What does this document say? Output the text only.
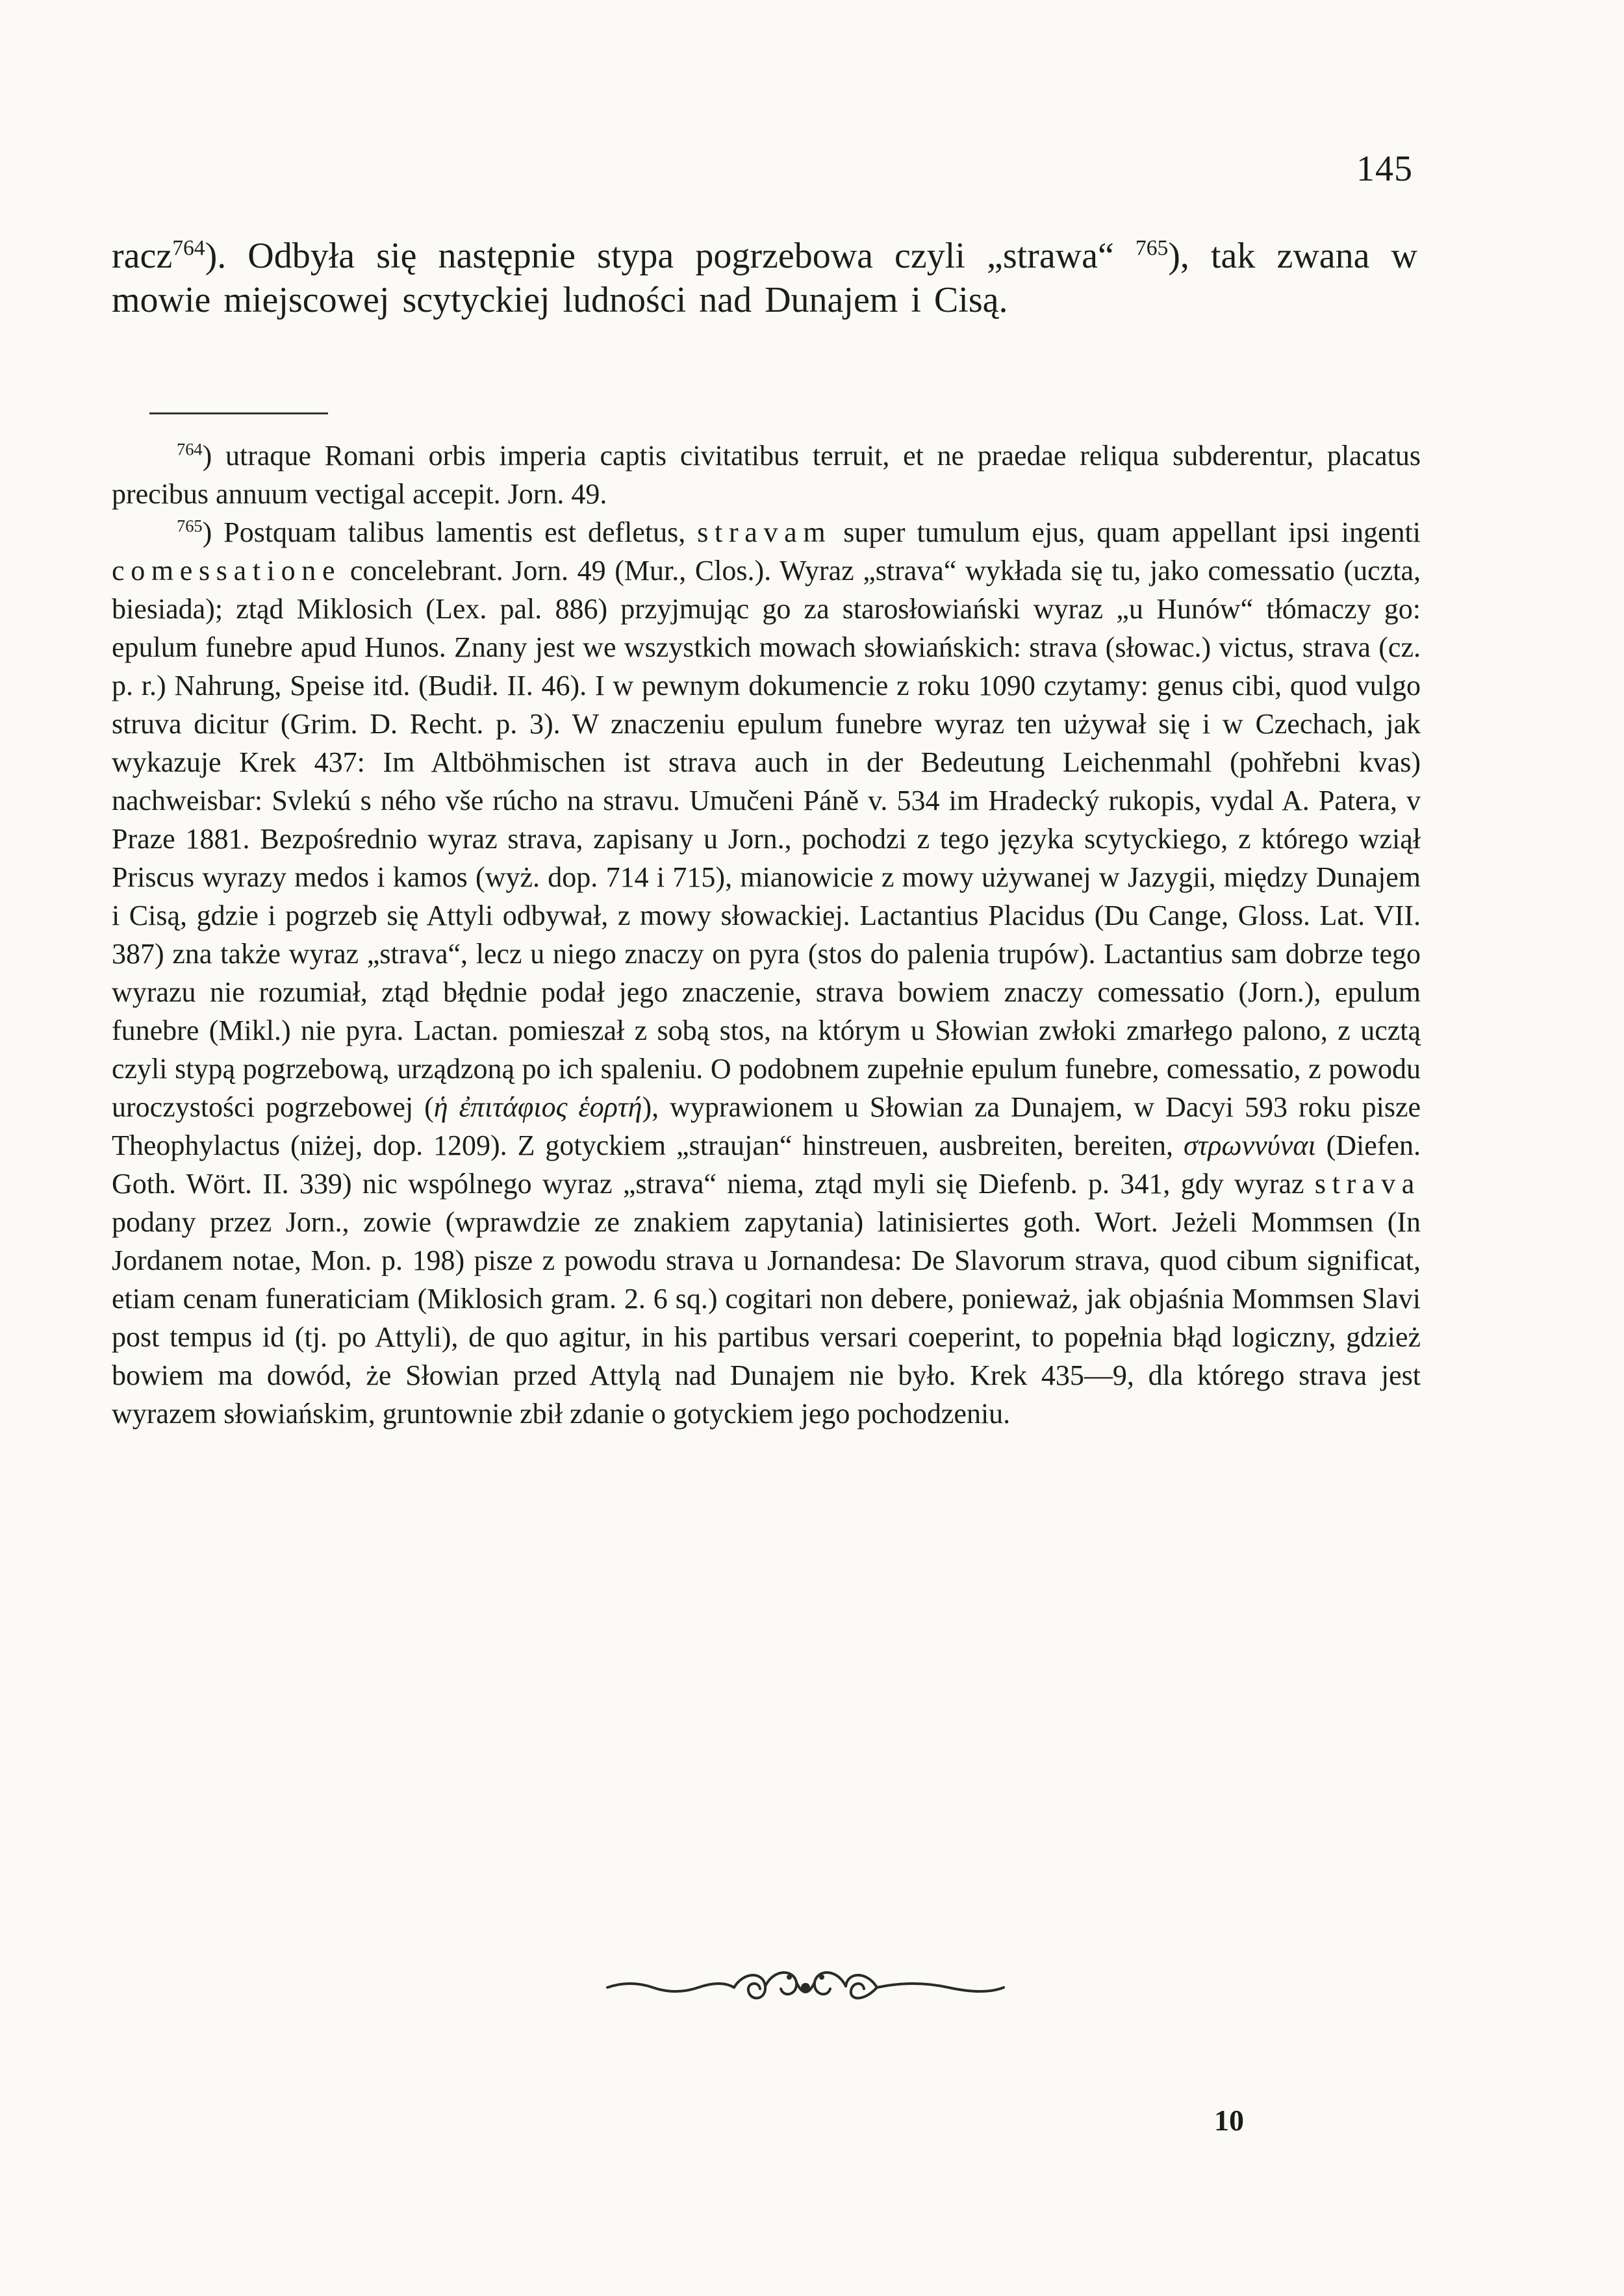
145

racz$^{764}$). Odbyła się następnie stypa pogrzebowa czyli „strawa“ $^{765}$), tak zwana w mowie miejscowej scytyckiej ludności nad Dunajem i Cisą.

$^{764}$) utraque Romani orbis imperia captis civitatibus terruit, et ne praedae reliqua subderentur, placatus precibus annuum vectigal accepit. Jorn. 49.

$^{765}$) Postquam talibus lamentis est defletus, stravam super tumulum ejus, quam appellant ipsi ingenti comessatione concelebrant. Jorn. 49 (Mur., Clos.). Wyraz „strava“ wykłada się tu, jako comessatio (uczta, biesiada); ztąd Miklosich (Lex. pal. 886) przyjmując go za starosłowiański wyraz „u Hunów“ tłómaczy go: epulum funebre apud Hunos. Znany jest we wszystkich mowach słowiańskich: strava (słowac.) victus, strava (cz. p. r.) Nahrung, Speise itd. (Budił. II. 46). I w pewnym dokumencie z roku 1090 czytamy: genus cibi, quod vulgo struva dicitur (Grim. D. Recht. p. 3). W znaczeniu epulum funebre wyraz ten używał się i w Czechach, jak wykazuje Krek 437: Im Altböhmischen ist strava auch in der Bedeutung Leichenmahl (pohřebni kvas) nachweisbar: Svlekú s ného vše rúcho na stravu. Umučeni Páně v. 534 im Hradecký rukopis, vydal A. Patera, v Praze 1881. Bezpośrednio wyraz strava, zapisany u Jorn., pochodzi z tego języka scytyckiego, z którego wziął Priscus wyrazy medos i kamos (wyż. dop. 714 i 715), mianowicie z mowy używanej w Jazygii, między Dunajem i Cisą, gdzie i pogrzeb się Attyli odbywał, z mowy słowackiej. Lactantius Placidus (Du Cange, Gloss. Lat. VII. 387) zna także wyraz „strava“, lecz u niego znaczy on pyra (stos do palenia trupów). Lactantius sam dobrze tego wyrazu nie rozumiał, ztąd błędnie podał jego znaczenie, strava bowiem znaczy comessatio (Jorn.), epulum funebre (Mikl.) nie pyra. Lactan. pomieszał z sobą stos, na którym u Słowian zwłoki zmarłego palono, z ucztą czyli stypą pogrzebową, urządzoną po ich spaleniu. O podobnem zupełnie epulum funebre, comessatio, z powodu uroczystości pogrzebowej (ἡ ἐπιτάφιος ἑορτή), wyprawionem u Słowian za Dunajem, w Dacyi 593 roku pisze Theophylactus (niżej, dop. 1209). Z gotyckiem „straujan“ hinstreuen, ausbreiten, bereiten, στρωννύναι (Diefen. Goth. Wört. II. 339) nic wspólnego wyraz „strava“ niema, ztąd myli się Diefenb. p. 341, gdy wyraz strava podany przez Jorn., zowie (wprawdzie ze znakiem zapytania) latinisiertes goth. Wort. Jeżeli Mommsen (In Jordanem notae, Mon. p. 198) pisze z powodu strava u Jornandesa: De Slavorum strava, quod cibum significat, etiam cenam funeraticiam (Miklosich gram. 2. 6 sq.) cogitari non debere, ponieważ, jak objaśnia Mommsen Slavi post tempus id (tj. po Attyli), de quo agitur, in his partibus versari coeperint, to popełnia błąd logiczny, gdzież bowiem ma dowód, że Słowian przed Attylą nad Dunajem nie było. Krek 435—9, dla którego strava jest wyrazem słowiańskim, gruntownie zbił zdanie o gotyckiem jego pochodzeniu.

10
